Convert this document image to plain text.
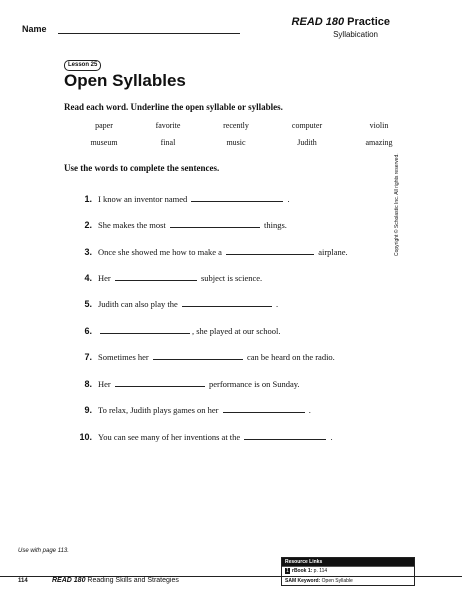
Name
READ 180 Practice
Syllabication
Lesson 25
Open Syllables
Read each word. Underline the open syllable or syllables.
paper	favorite	recently	computer	violin
museum	final	music	Judith	amazing
Use the words to complete the sentences.
1. I know an inventor named	.
2. She makes the most	things.
3. Once she showed me how to make a	airplane.
4. Her	subject is science.
5. Judith can also play the	.
6.	, she played at our school.
7. Sometimes her	can be heard on the radio.
8. Her	performance is on Sunday.
9. To relax, Judith plays games on her	.
10. You can see many of her inventions at the	.
Copyright © Scholastic Inc. All rights reserved.
Use with page 113.
Resource Links
1 rBook 1: p. 114
SAM Keyword: Open Syllable
114	READ 180 Reading Skills and Strategies
